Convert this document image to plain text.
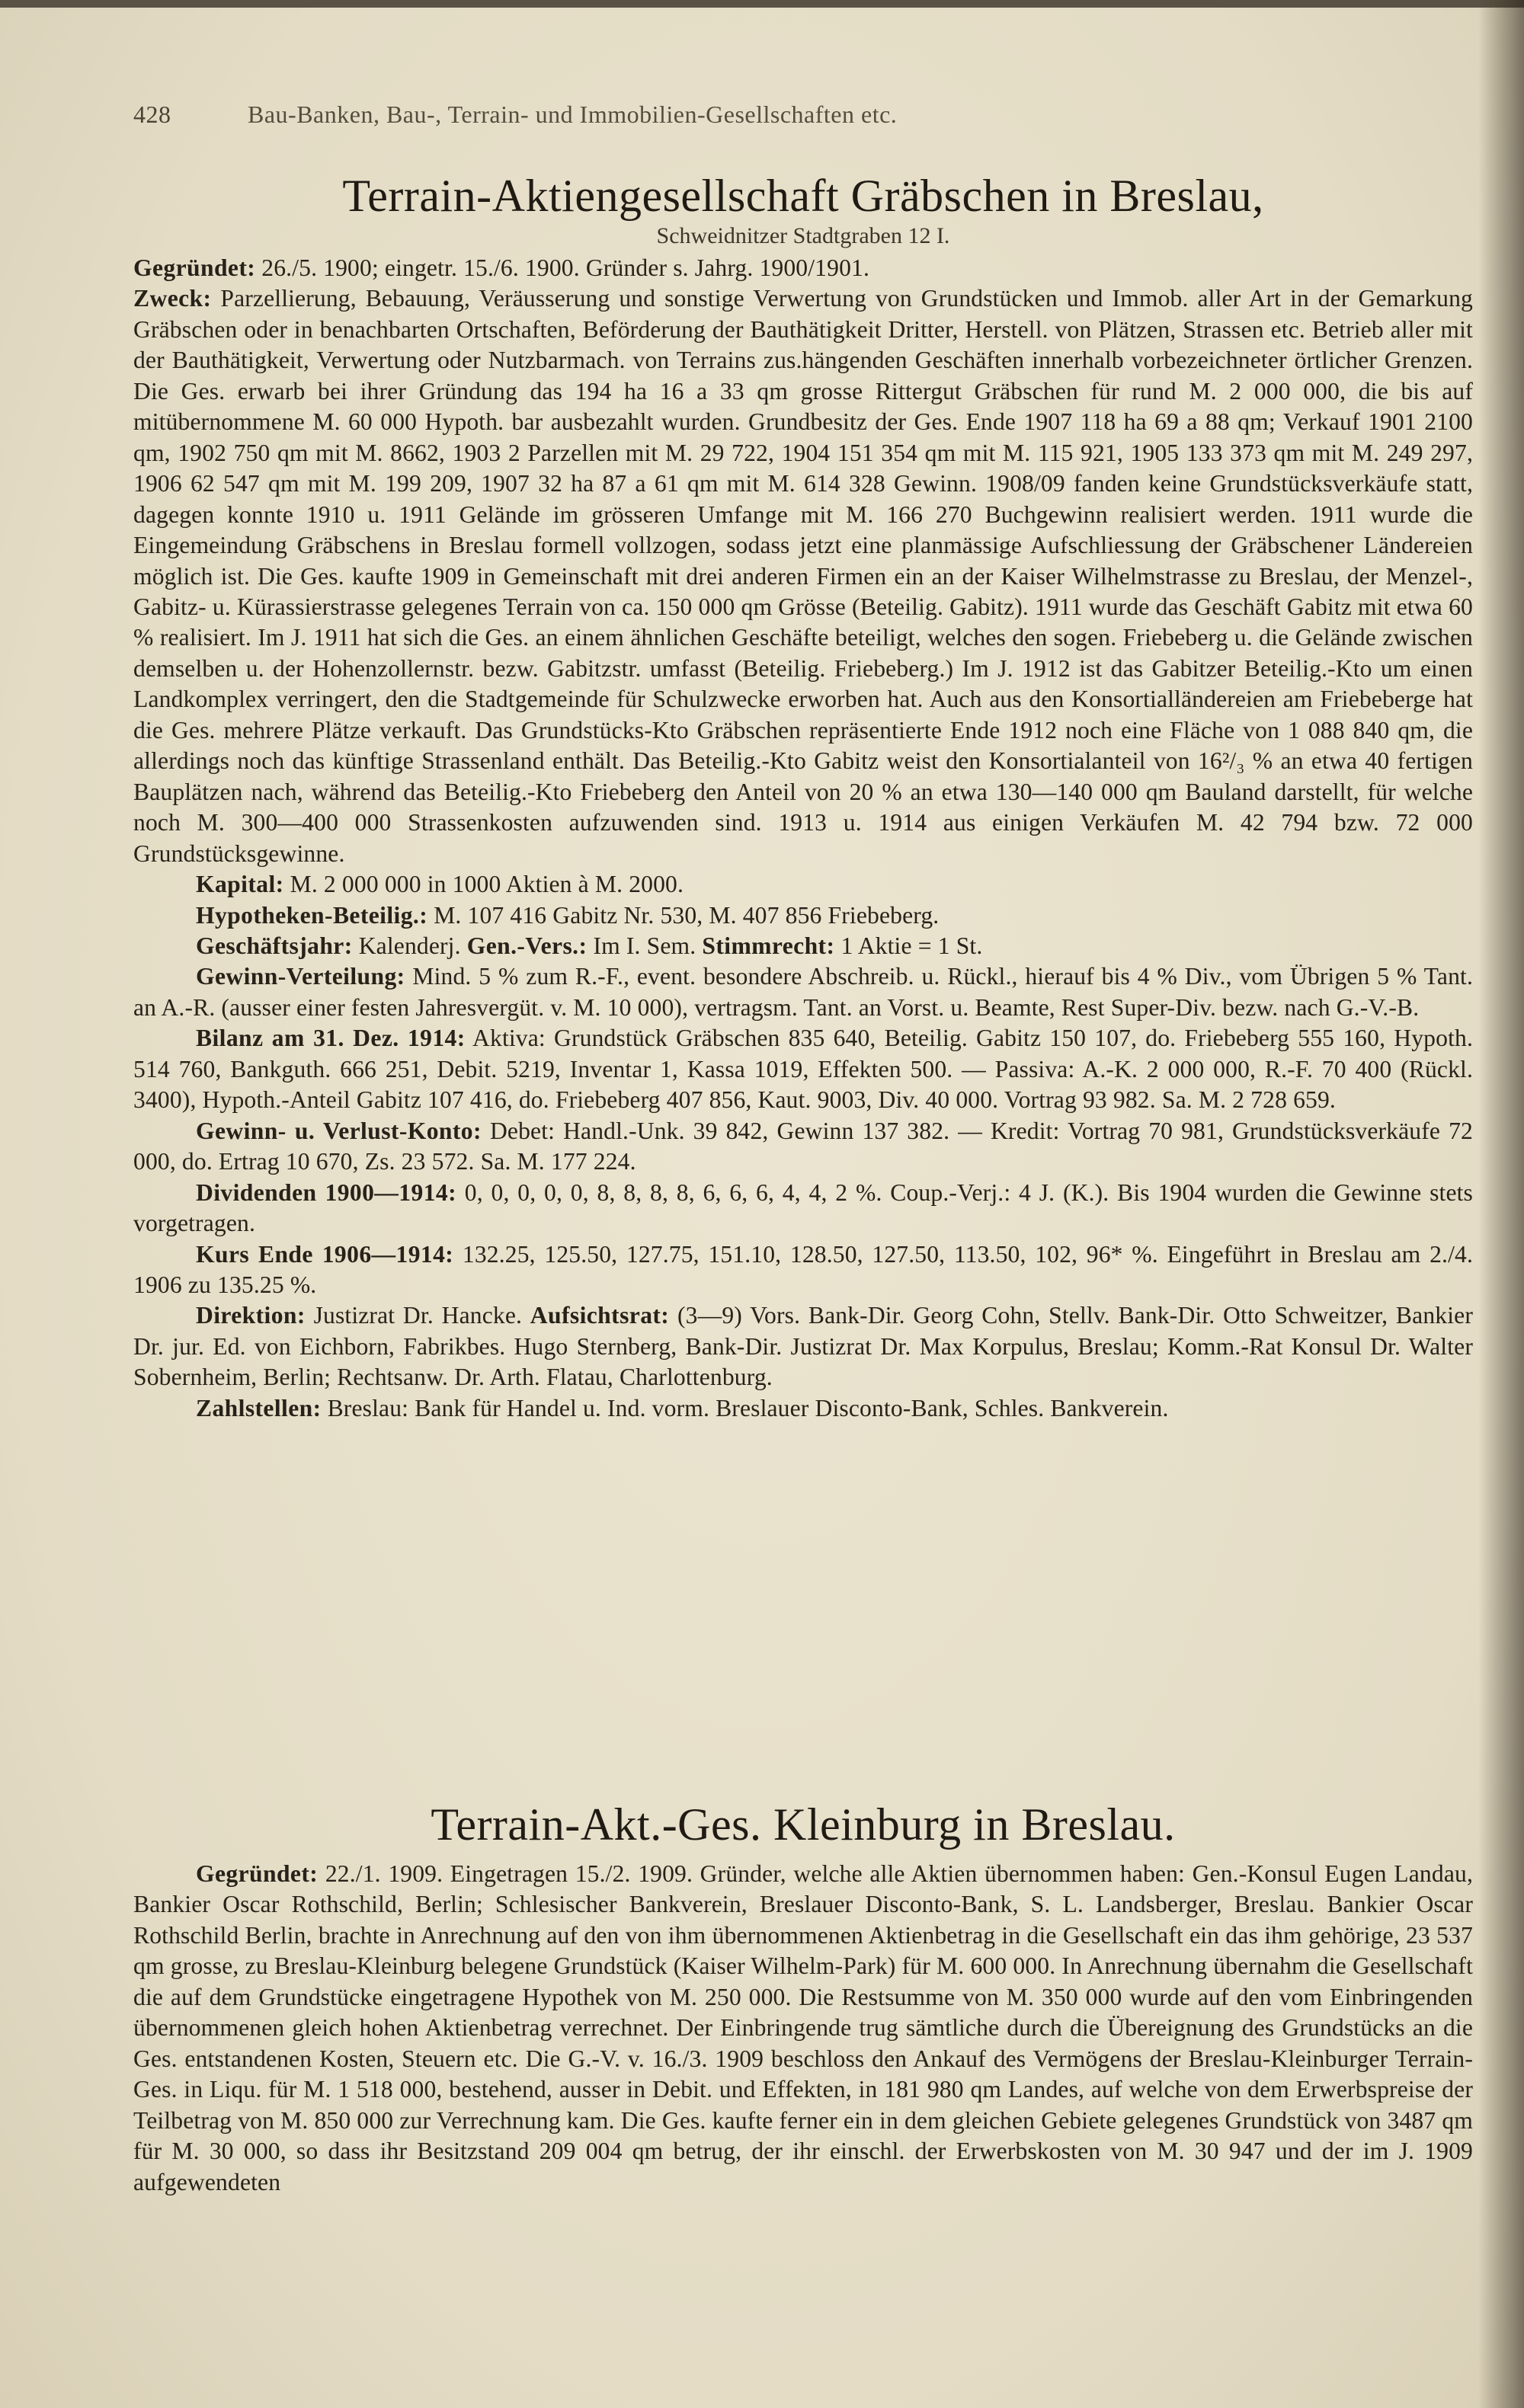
428	Bau-Banken, Bau-, Terrain- und Immobilien-Gesellschaften etc.
Terrain-Aktiengesellschaft Gräbschen in Breslau,
Schweidnitzer Stadtgraben 12 I.

Gegründet: 26./5. 1900; eingetr. 15./6. 1900. Gründer s. Jahrg. 1900/1901.

Zweck: Parzellierung, Bebauung, Veräusserung und sonstige Verwertung von Grundstücken und Immob. aller Art in der Gemarkung Gräbschen oder in benachbarten Ortschaften, Beförderung der Bauthätigkeit Dritter, Herstell. von Plätzen, Strassen etc. Betrieb aller mit der Bauthätigkeit, Verwertung oder Nutzbarmach. von Terrains zus.hängenden Geschäften innerhalb vorbezeichneter örtlicher Grenzen. Die Ges. erwarb bei ihrer Gründung das 194 ha 16 a 33 qm grosse Rittergut Gräbschen für rund M. 2 000 000, die bis auf mitübernommene M. 60 000 Hypoth. bar ausbezahlt wurden. Grundbesitz der Ges. Ende 1907 118 ha 69 a 88 qm; Verkauf 1901 2100 qm, 1902 750 qm mit M. 8662, 1903 2 Parzellen mit M. 29 722, 1904 151 354 qm mit M. 115 921, 1905 133 373 qm mit M. 249 297, 1906 62 547 qm mit M. 199 209, 1907 32 ha 87 a 61 qm mit M. 614 328 Gewinn. 1908/09 fanden keine Grundstücksverkäufe statt, dagegen konnte 1910 u. 1911 Gelände im grösseren Umfange mit M. 166 270 Buchgewinn realisiert werden. 1911 wurde die Eingemeindung Gräbschens in Breslau formell vollzogen, sodass jetzt eine planmässige Aufschliessung der Gräbschener Ländereien möglich ist. Die Ges. kaufte 1909 in Gemeinschaft mit drei anderen Firmen ein an der Kaiser Wilhelmstrasse zu Breslau, der Menzel-, Gabitz- u. Kürassierstrasse gelegenes Terrain von ca. 150 000 qm Grösse (Beteilig. Gabitz). 1911 wurde das Geschäft Gabitz mit etwa 60 % realisiert. Im J. 1911 hat sich die Ges. an einem ähnlichen Geschäfte beteiligt, welches den sogen. Friebeberg u. die Gelände zwischen demselben u. der Hohenzollernstr. bezw. Gabitzstr. umfasst (Beteilig. Friebeberg.) Im J. 1912 ist das Gabitzer Beteilig.-Kto um einen Landkomplex verringert, den die Stadtgemeinde für Schulzwecke erworben hat. Auch aus den Konsortialländereien am Friebeberge hat die Ges. mehrere Plätze verkauft. Das Grundstücks-Kto Gräbschen repräsentierte Ende 1912 noch eine Fläche von 1 088 840 qm, die allerdings noch das künftige Strassenland enthält. Das Beteilig.-Kto Gabitz weist den Konsortialanteil von 16²/₃ % an etwa 40 fertigen Bauplätzen nach, während das Beteilig.-Kto Friebeberg den Anteil von 20 % an etwa 130—140 000 qm Bauland darstellt, für welche noch M. 300—400 000 Strassenkosten aufzuwenden sind. 1913 u. 1914 aus einigen Verkäufen M. 42 794 bzw. 72 000 Grundstücksgewinne.

Kapital: M. 2 000 000 in 1000 Aktien à M. 2000.

Hypotheken-Beteilig.: M. 107 416 Gabitz Nr. 530, M. 407 856 Friebeberg.

Geschäftsjahr: Kalenderj. Gen.-Vers.: Im I. Sem. Stimmrecht: 1 Aktie = 1 St.

Gewinn-Verteilung: Mind. 5 % zum R.-F., event. besondere Abschreib. u. Rückl., hierauf bis 4 % Div., vom Übrigen 5 % Tant. an A.-R. (ausser einer festen Jahresvergüt. v. M. 10 000), vertragsm. Tant. an Vorst. u. Beamte, Rest Super-Div. bezw. nach G.-V.-B.

Bilanz am 31. Dez. 1914: Aktiva: Grundstück Gräbschen 835 640, Beteilig. Gabitz 150 107, do. Friebeberg 555 160, Hypoth. 514 760, Bankguth. 666 251, Debit. 5219, Inventar 1, Kassa 1019, Effekten 500. — Passiva: A.-K. 2 000 000, R.-F. 70 400 (Rückl. 3400), Hypoth.-Anteil Gabitz 107 416, do. Friebeberg 407 856, Kaut. 9003, Div. 40 000. Vortrag 93 982. Sa. M. 2 728 659.

Gewinn- u. Verlust-Konto: Debet: Handl.-Unk. 39 842, Gewinn 137 382. — Kredit: Vortrag 70 981, Grundstücksverkäufe 72 000, do. Ertrag 10 670, Zs. 23 572. Sa. M. 177 224.

Dividenden 1900—1914: 0, 0, 0, 0, 0, 8, 8, 8, 8, 6, 6, 6, 4, 4, 2 %. Coup.-Verj.: 4 J. (K.). Bis 1904 wurden die Gewinne stets vorgetragen.

Kurs Ende 1906—1914: 132.25, 125.50, 127.75, 151.10, 128.50, 127.50, 113.50, 102, 96* %. Eingeführt in Breslau am 2./4. 1906 zu 135.25 %.

Direktion: Justizrat Dr. Hancke. Aufsichtsrat: (3—9) Vors. Bank-Dir. Georg Cohn, Stellv. Bank-Dir. Otto Schweitzer, Bankier Dr. jur. Ed. von Eichborn, Fabrikbes. Hugo Sternberg, Bank-Dir. Justizrat Dr. Max Korpulus, Breslau; Komm.-Rat Konsul Dr. Walter Sobernheim, Berlin; Rechtsanw. Dr. Arth. Flatau, Charlottenburg.

Zahlstellen: Breslau: Bank für Handel u. Ind. vorm. Breslauer Disconto-Bank, Schles. Bankverein.

Terrain-Akt.-Ges. Kleinburg in Breslau.

Gegründet: 22./1. 1909. Eingetragen 15./2. 1909. Gründer, welche alle Aktien übernommen haben: Gen.-Konsul Eugen Landau, Bankier Oscar Rothschild, Berlin; Schlesischer Bankverein, Breslauer Disconto-Bank, S. L. Landsberger, Breslau. Bankier Oscar Rothschild Berlin, brachte in Anrechnung auf den von ihm übernommenen Aktienbetrag in die Gesellschaft ein das ihm gehörige, 23 537 qm grosse, zu Breslau-Kleinburg belegene Grundstück (Kaiser Wilhelm-Park) für M. 600 000. In Anrechnung übernahm die Gesellschaft die auf dem Grundstücke eingetragene Hypothek von M. 250 000. Die Restsumme von M. 350 000 wurde auf den vom Einbringenden übernommenen gleich hohen Aktienbetrag verrechnet. Der Einbringende trug sämtliche durch die Übereignung des Grundstücks an die Ges. entstandenen Kosten, Steuern etc. Die G.-V. v. 16./3. 1909 beschloss den Ankauf des Vermögens der Breslau-Kleinburger Terrain-Ges. in Liqu. für M. 1 518 000, bestehend, ausser in Debit. und Effekten, in 181 980 qm Landes, auf welche von dem Erwerbspreise der Teilbetrag von M. 850 000 zur Verrechnung kam. Die Ges. kaufte ferner ein in dem gleichen Gebiete gelegenes Grundstück von 3487 qm für M. 30 000, so dass ihr Besitzstand 209 004 qm betrug, der ihr einschl. der Erwerbskosten von M. 30 947 und der im J. 1909 aufgewendeten
